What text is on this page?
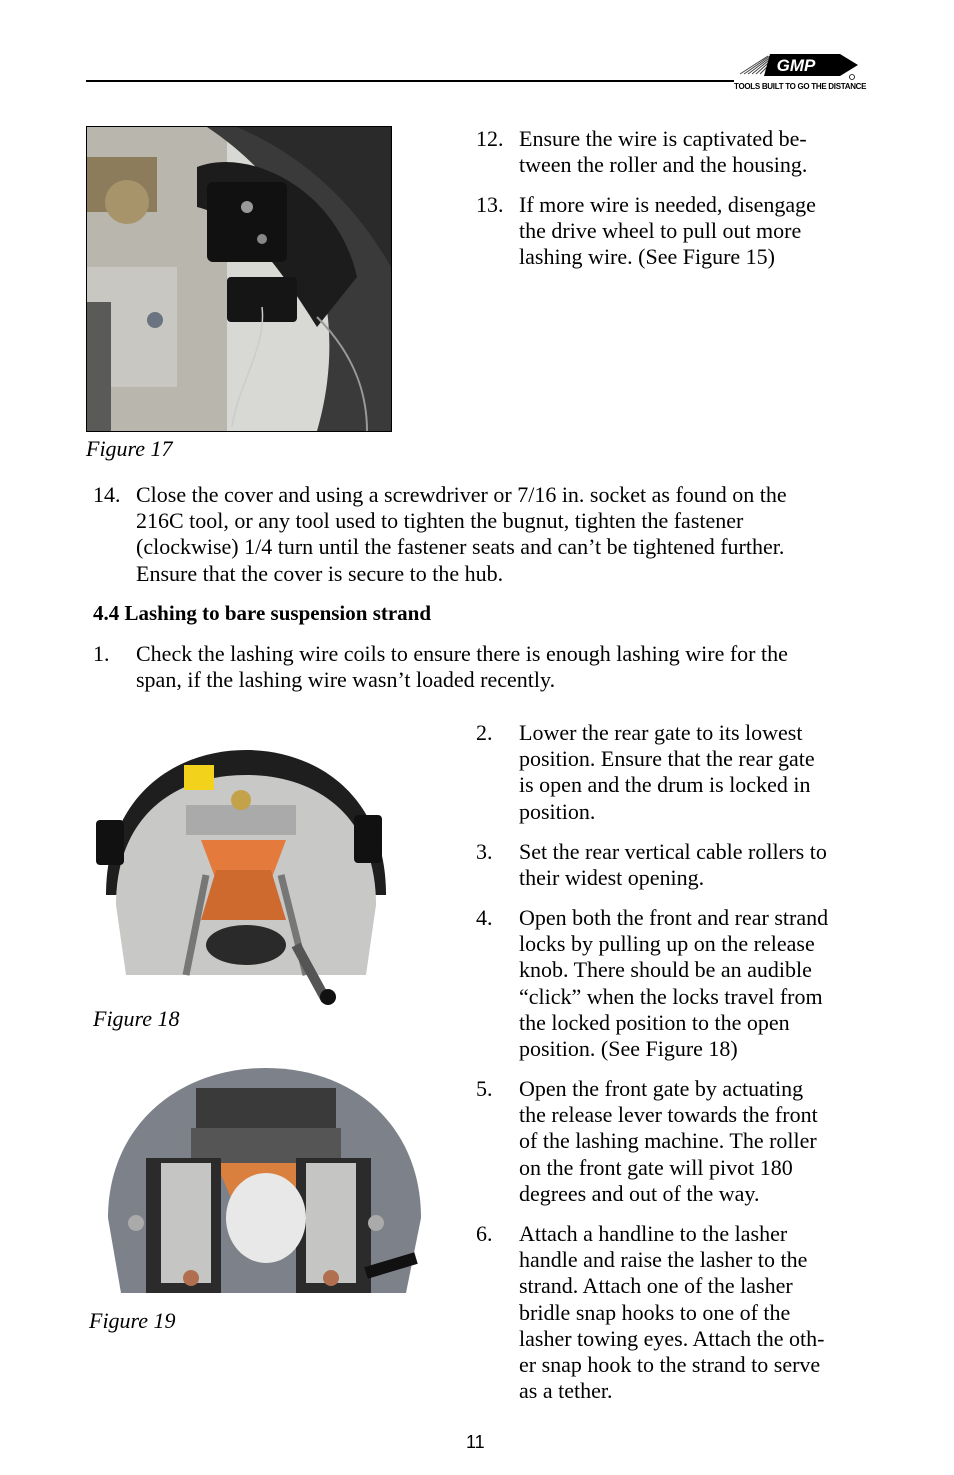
GMP
TOOLS BUILT TO GO THE DISTANCE
Figure 17
12. Ensure the wire is captivated be-
tween the roller and the housing.
13. If more wire is needed, disengage
the drive wheel to pull out more
lashing wire. (See Figure 15)
14. Close the cover and using a screwdriver or 7/16 in. socket as found on the
216C tool, or any tool used to tighten the bugnut, tighten the fastener
(clockwise) 1/4 turn until the fastener seats and can’t be tightened further.
Ensure that the cover is secure to the hub.
4.4 Lashing to bare suspension strand
1. Check the lashing wire coils to ensure there is enough lashing wire for the
span, if the lashing wire wasn’t loaded recently.
Figure 18
Figure 19
2. Lower the rear gate to its lowest
position. Ensure that the rear gate
is open and the drum is locked in
position.
3. Set the rear vertical cable rollers to
their widest opening.
4. Open both the front and rear strand
locks by pulling up on the release
knob. There should be an audible
“click” when the locks travel from
the locked position to the open
position. (See Figure 18)
5. Open the front gate by actuating
the release lever towards the front
of the lashing machine. The roller
on the front gate will pivot 180
degrees and out of the way.
6. Attach a handline to the lasher
handle and raise the lasher to the
strand. Attach one of the lasher
bridle snap hooks to one of the
lasher towing eyes. Attach the oth-
er snap hook to the strand to serve
as a tether.
11
